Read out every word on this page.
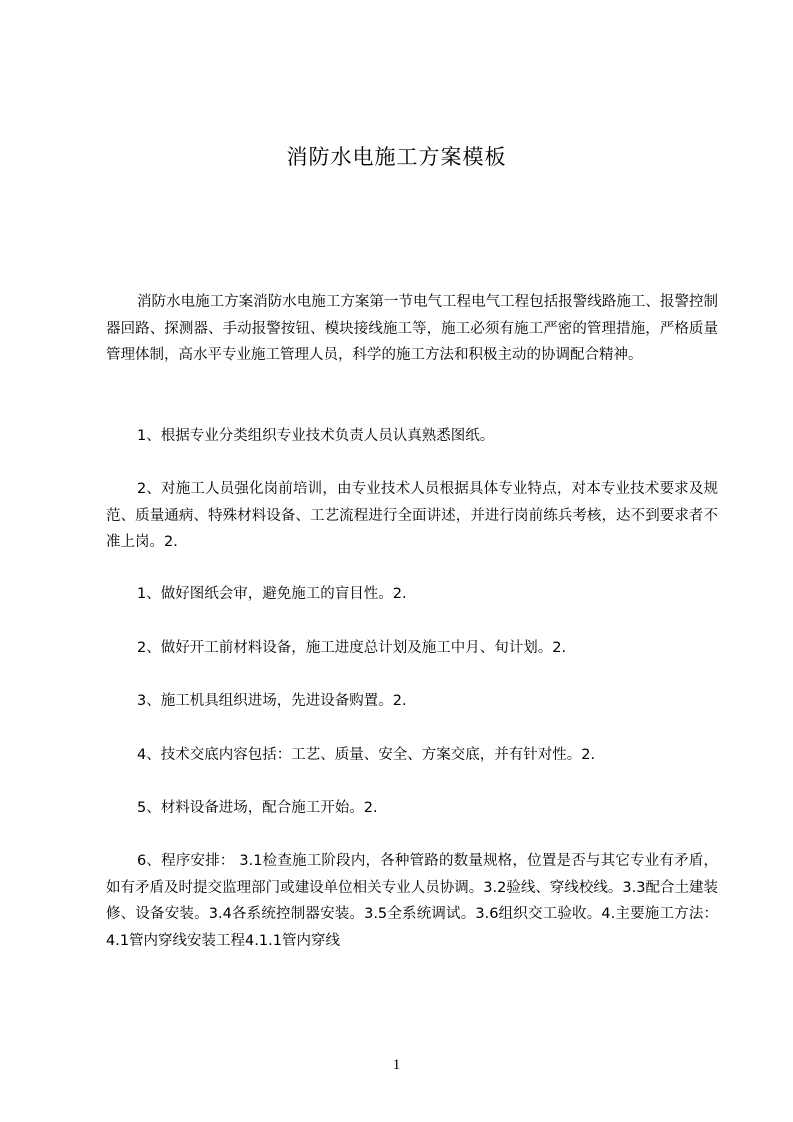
消防水电施工方案模板

消防水电施工方案消防水电施工方案第一节电气工程电气工程包括报警线路施工、报警控制器回路、探测器、手动报警按钮、模块接线施工等，施工必须有施工严密的管理措施，严格质量管理体制，高水平专业施工管理人员，科学的施工方法和积极主动的协调配合精神。

1、根据专业分类组织专业技术负责人员认真熟悉图纸。

2、对施工人员强化岗前培训，由专业技术人员根据具体专业特点，对本专业技术要求及规范、质量通病、特殊材料设备、工艺流程进行全面讲述，并进行岗前练兵考核，达不到要求者不准上岗。2.

1、做好图纸会审，避免施工的盲目性。2.

2、做好开工前材料设备，施工进度总计划及施工中月、旬计划。2.

3、施工机具组织进场，先进设备购置。2.

4、技术交底内容包括：工艺、质量、安全、方案交底，并有针对性。2.

5、材料设备进场，配合施工开始。2.

6、程序安排： 3.1检查施工阶段内，各种管路的数量规格，位置是否与其它专业有矛盾，如有矛盾及时提交监理部门或建设单位相关专业人员协调。3.2验线、穿线校线。3.3配合土建装修、设备安装。3.4各系统控制器安装。3.5全系统调试。3.6组织交工验收。4.主要施工方法：4.1管内穿线安装工程4.1.1管内穿线

1
